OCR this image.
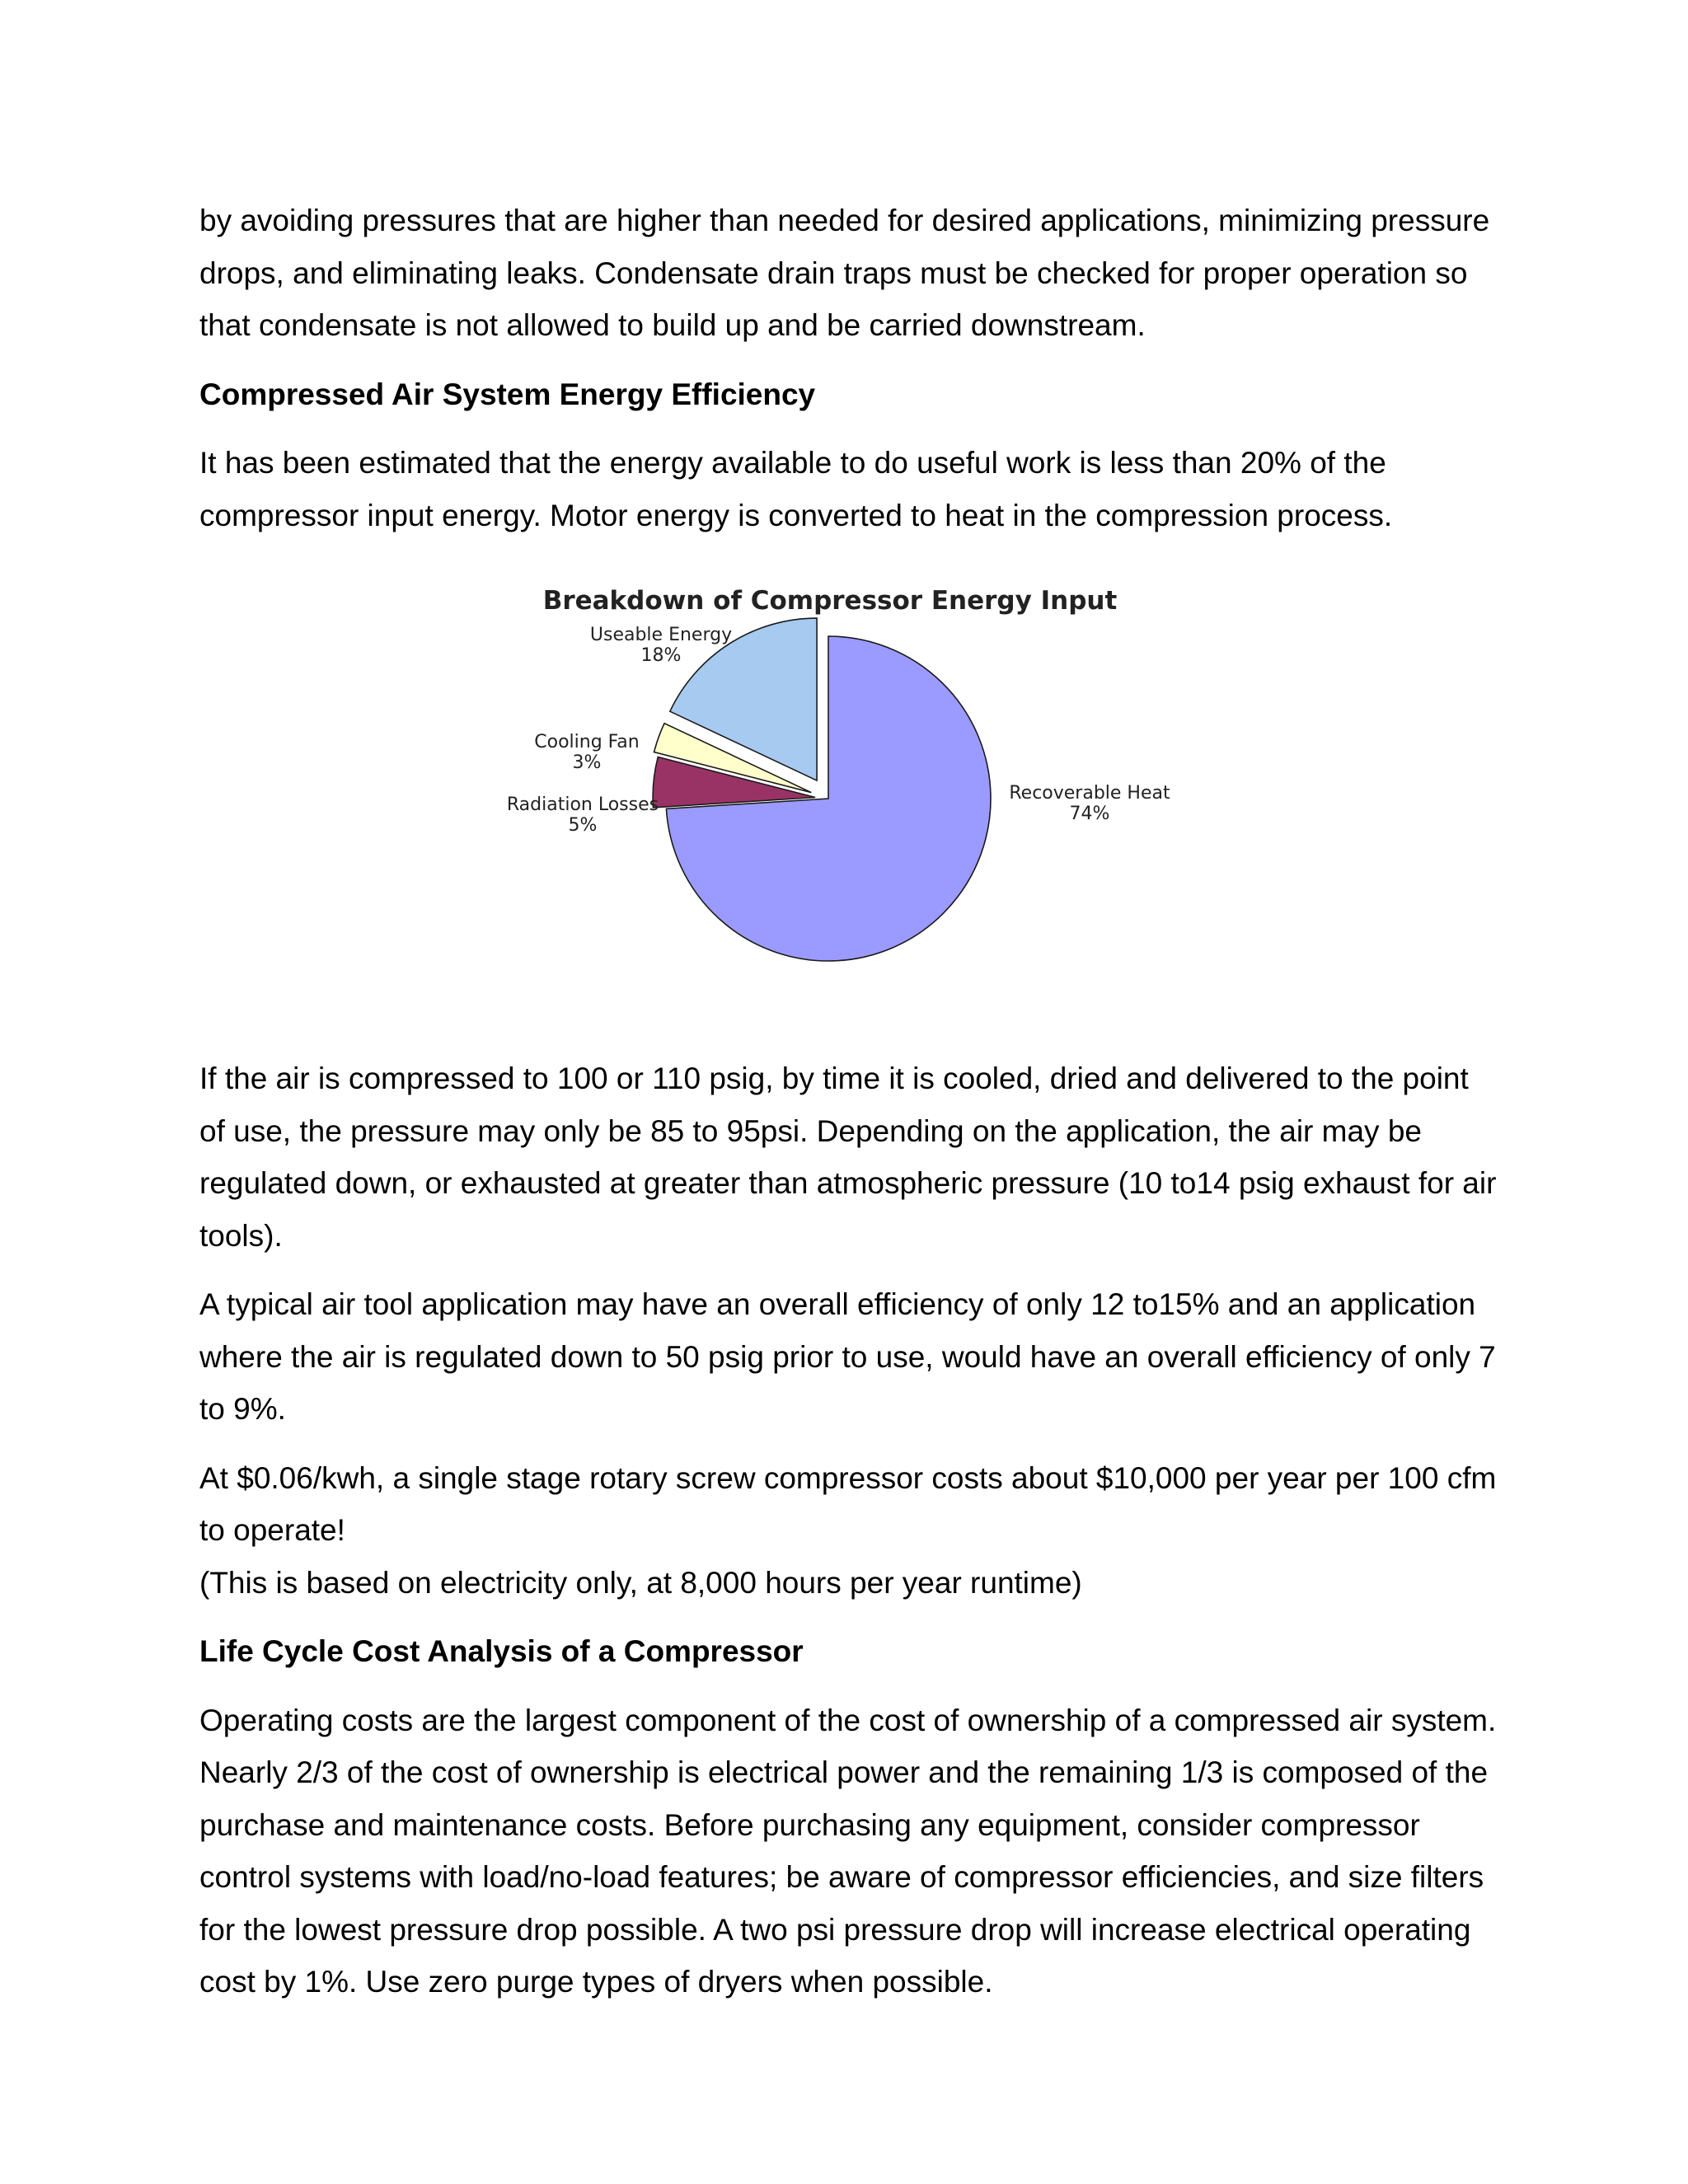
by avoiding pressures that are higher than needed for desired applications, minimizing pressure drops, and eliminating leaks. Condensate drain traps must be checked for proper operation so that condensate is not allowed to build up and be carried downstream.

Compressed Air System Energy Efficiency

It has been estimated that the energy available to do useful work is less than 20% of the compressor input energy. Motor energy is converted to heat in the compression process.

Breakdown of Compressor Energy Input
Recoverable Heat
74%
Radiation Losses
5%
Cooling Fan
3%
Useable Energy
18%

If the air is compressed to 100 or 110 psig, by time it is cooled, dried and delivered to the point of use, the pressure may only be 85 to 95psi. Depending on the application, the air may be regulated down, or exhausted at greater than atmospheric pressure (10 to14 psig exhaust for air tools).

A typical air tool application may have an overall efficiency of only 12 to15% and an application where the air is regulated down to 50 psig prior to use, would have an overall efficiency of only 7 to 9%.

At $0.06/kwh, a single stage rotary screw compressor costs about $10,000 per year per 100 cfm to operate!

(This is based on electricity only, at 8,000 hours per year runtime)

Life Cycle Cost Analysis of a Compressor

Operating costs are the largest component of the cost of ownership of a compressed air system. Nearly 2/3 of the cost of ownership is electrical power and the remaining 1/3 is composed of the purchase and maintenance costs. Before purchasing any equipment, consider compressor control systems with load/no-load features; be aware of compressor efficiencies, and size filters for the lowest pressure drop possible. A two psi pressure drop will increase electrical operating cost by 1%. Use zero purge types of dryers when possible.
